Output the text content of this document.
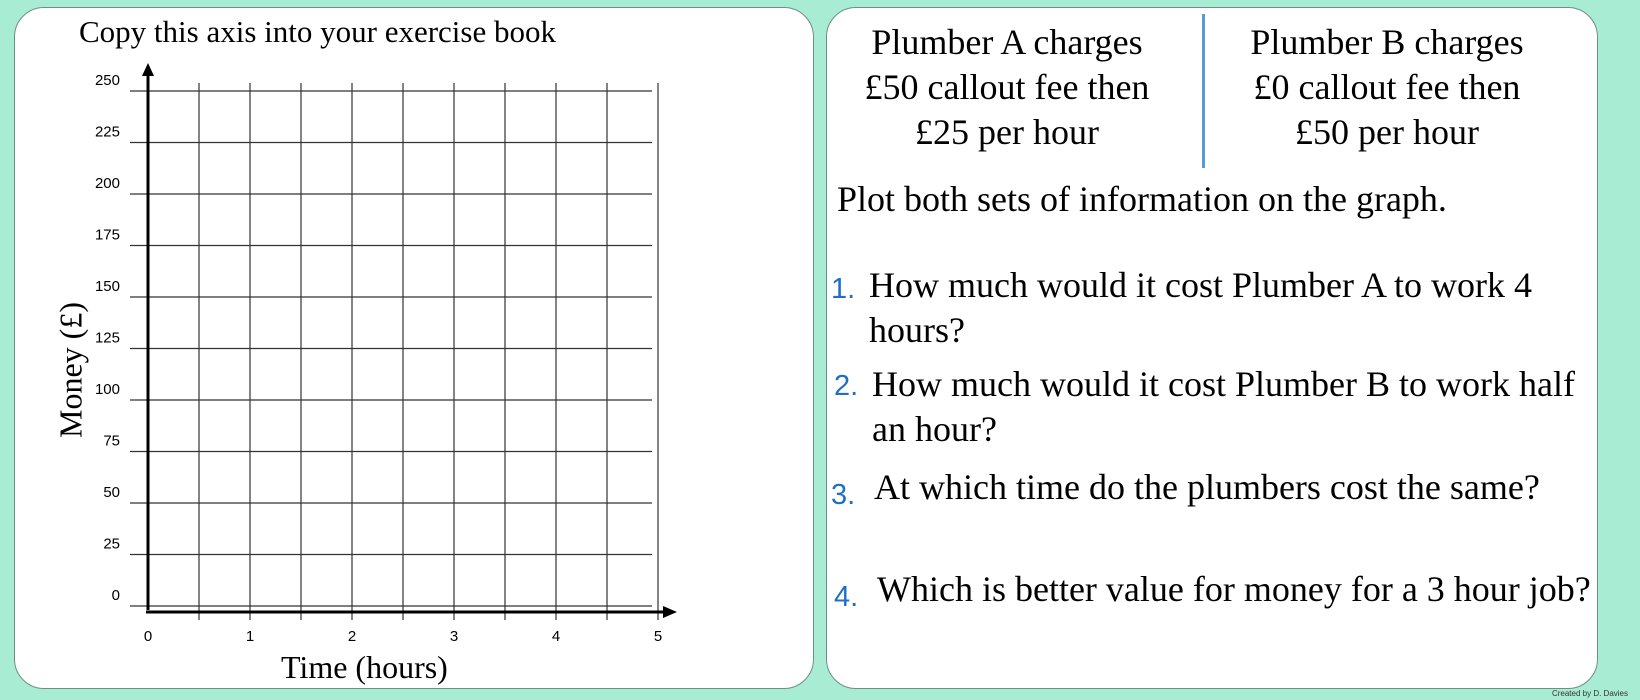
0
25
50
75
100
125
150
175
200
225
250
0	1	2	3	4	5
Copy this axis into your exercise book
Money (£)
Time (hours)
Plumber A charges
£50 callout fee then
£25 per hour
Plumber B charges
£0 callout fee then
£50 per hour
Plot both sets of information on the graph.
1. How much would it cost Plumber A to work 4
hours?
2. How much would it cost Plumber B to work half
an hour?
3. At which time do the plumbers cost the same?
4. Which is better value for money for a 3 hour job?
Created by D. Davies
